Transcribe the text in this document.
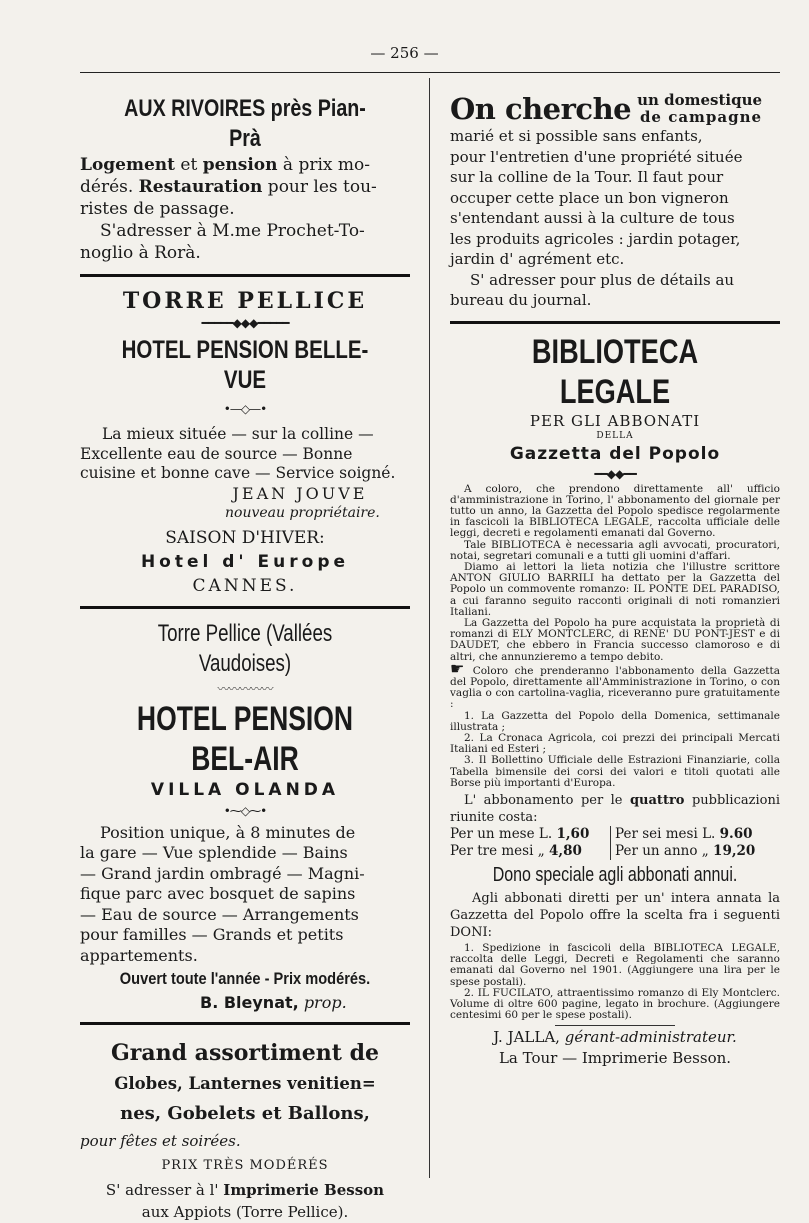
— 256 —

AUX RIVOIRES près Pian-Prà

Logement et pension à prix mo-

dérés. Restauration pour les tou-

ristes de passage.

S'adresser à M.me Prochet-To-

noglio à Rorà.

TORRE PELLICE

━━━━━◆◆◆━━━━━

HOTEL PENSION BELLE-VUE

•—◇—•

La mieux située — sur la colline —

Excellente eau de source — Bonne

cuisine et bonne cave — Service soigné.

JEAN JOUVE

nouveau propriétaire.

SAISON D'HIVER:

Hotel d' Europe

CANNES.

Torre Pellice (Vallées Vaudoises)

〰〰〰〰〰

HOTEL PENSION BEL-AIR

VILLA OLANDA

•⁓◇⁓•

Position unique, à 8 minutes de

la gare — Vue splendide — Bains

— Grand jardin ombragé — Magni-

fique parc avec bosquet de sapins

— Eau de source — Arrangements

pour familles — Grands et petits

appartements.

Ouvert toute l'année - Prix modérés.

B. Bleynat, prop.

Grand assortiment de

Globes, Lanternes venitien=

nes, Gobelets et Ballons,

pour fêtes et soirées.

PRIX TRÈS MODÉRÉS

S' adresser à l' Imprimerie Besson

aux Appiots (Torre Pellice).

On cherche un domestique
de campagne

marié et si possible sans enfants,

pour l'entretien d'une propriété située

sur la colline de la Tour. Il faut pour

occuper cette place un bon vigneron

s'entendant aussi à la culture de tous

les produits agricoles : jardin potager,

jardin d' agrément etc.

S' adresser pour plus de détails au

bureau du journal.

BIBLIOTECA LEGALE

PER GLI ABBONATI

DELLA

Gazzetta del Popolo

━━◆◆━━

A coloro, che prendono direttamente all' ufficio d'amministrazione in Torino, l' abbonamento del giornale per tutto un anno, la Gazzetta del Popolo spedisce regolarmente in fascicoli la BIBLIOTECA LEGALE, raccolta ufficiale delle leggi, decreti e regolamenti emanati dal Governo.

Tale BIBLIOTECA è necessaria agli avvocati, procuratori, notai, segretari comunali e a tutti gli uomini d'affari.

Diamo ai lettori la lieta notizia che l'illustre scrittore ANTON GIULIO BARRILI ha dettato per la Gazzetta del Popolo un commovente romanzo: IL PONTE DEL PARADISO, a cui faranno seguito racconti originali di noti romanzieri Italiani.

La Gazzetta del Popolo ha pure acquistata la proprietà di romanzi di ELY MONTCLERC, di RENE' DU PONT-JEST e di DAUDET, che ebbero in Francia successo clamoroso e di altri, che annunzieremo a tempo debito.

☛ Coloro che prenderanno l'abbonamento della Gazzetta del Popolo, direttamente all'Amministrazione in Torino, o con vaglia o con cartolina-vaglia, riceveranno pure gratuitamente :

1. La Gazzetta del Popolo della Domenica, settimanale illustrata ;

2. La Cronaca Agricola, coi prezzi dei principali Mercati Italiani ed Esteri ;

3. Il Bollettino Ufficiale delle Estrazioni Finanziarie, colla Tabella bimensile dei corsi dei valori e titoli quotati alle Borse più importanti d'Europa.

L' abbonamento per le quattro pubblicazioni riunite costa:

Per un mese L. 1,60	Per sei mesi L. 9.60
Per tre mesi „ 4,80	Per un anno „ 19,20

Dono speciale agli abbonati annui.

Agli abbonati diretti per un' intera annata la Gazzetta del Popolo offre la scelta fra i seguenti DONI:

1. Spedizione in fascicoli della BIBLIOTECA LEGALE, raccolta delle Leggi, Decreti e Regolamenti che saranno emanati dal Governo nel 1901. (Aggiungere una lira per le spese postali).

2. IL FUCILATO, attraentissimo romanzo di Ely Montclerc. Volume di oltre 600 pagine, legato in brochure. (Aggiungere centesimi 60 per le spese postali).

J. JALLA, gérant-administrateur.

La Tour — Imprimerie Besson.
